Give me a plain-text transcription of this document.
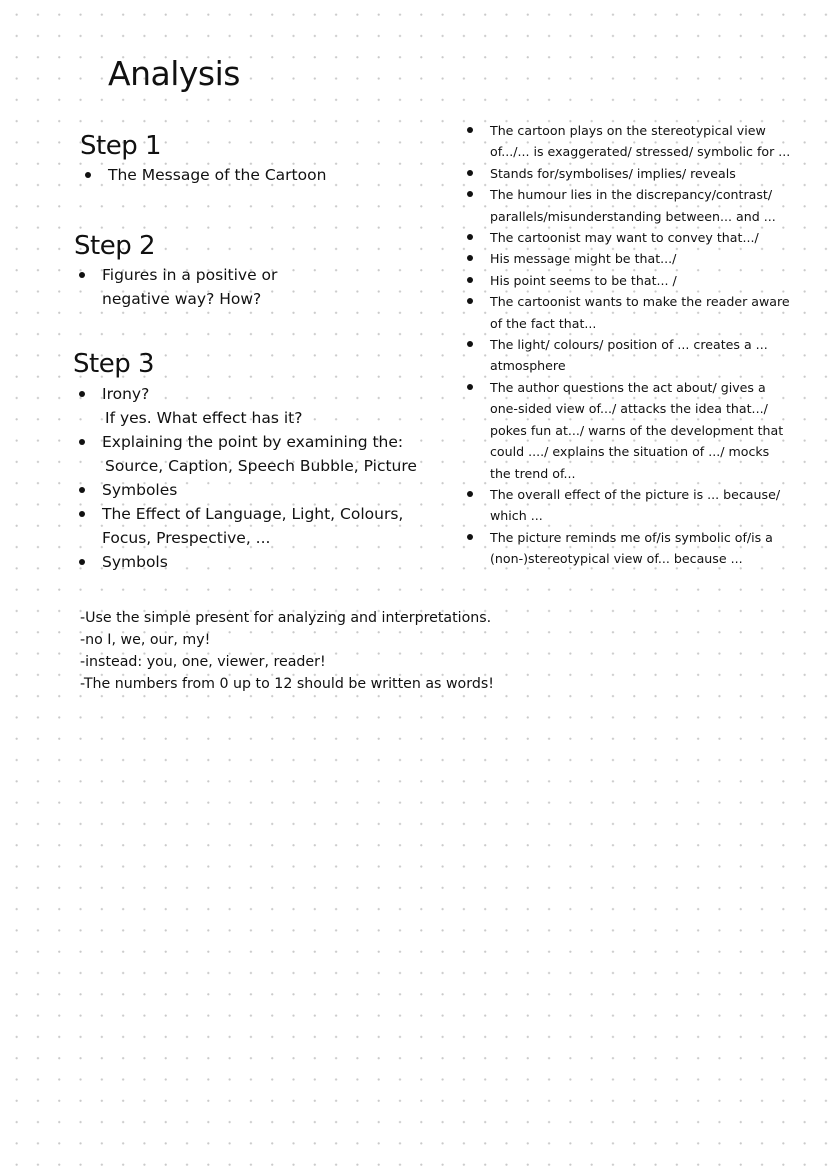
Analysis
Step 1
The Message of the Cartoon
Step 2
Figures in a positive or
negative way? How?
Step 3
Irony?
If yes. What effect has it?
Explaining the point by examining the:
Source, Caption, Speech Bubble, Picture
Symboles
The Effect of Language, Light, Colours,
Focus, Prespective, ...
Symbols
The cartoon plays on the stereotypical view
of.../... is exaggerated/ stressed/ symbolic for ...
Stands for/symbolises/ implies/ reveals
The humour lies in the discrepancy/contrast/
parallels/misunderstanding between... and ...
The cartoonist may want to convey that.../
His message might be that.../
His point seems to be that... /
The cartoonist wants to make the reader aware
of the fact that...
The light/ colours/ position of ... creates a ...
atmosphere
The author questions the act about/ gives a
one-sided view of.../ attacks the idea that.../
pokes fun at.../ warns of the development that
could ..../ explains the situation of .../ mocks
the trend of...
The overall effect of the picture is ... because/
which ...
The picture reminds me of/is symbolic of/is a
(non-)stereotypical view of... because ...
-Use the simple present for analyzing and interpretations.
-no I, we, our, my!
-instead: you, one, viewer, reader!
-The numbers from 0 up to 12 should be written as words!
